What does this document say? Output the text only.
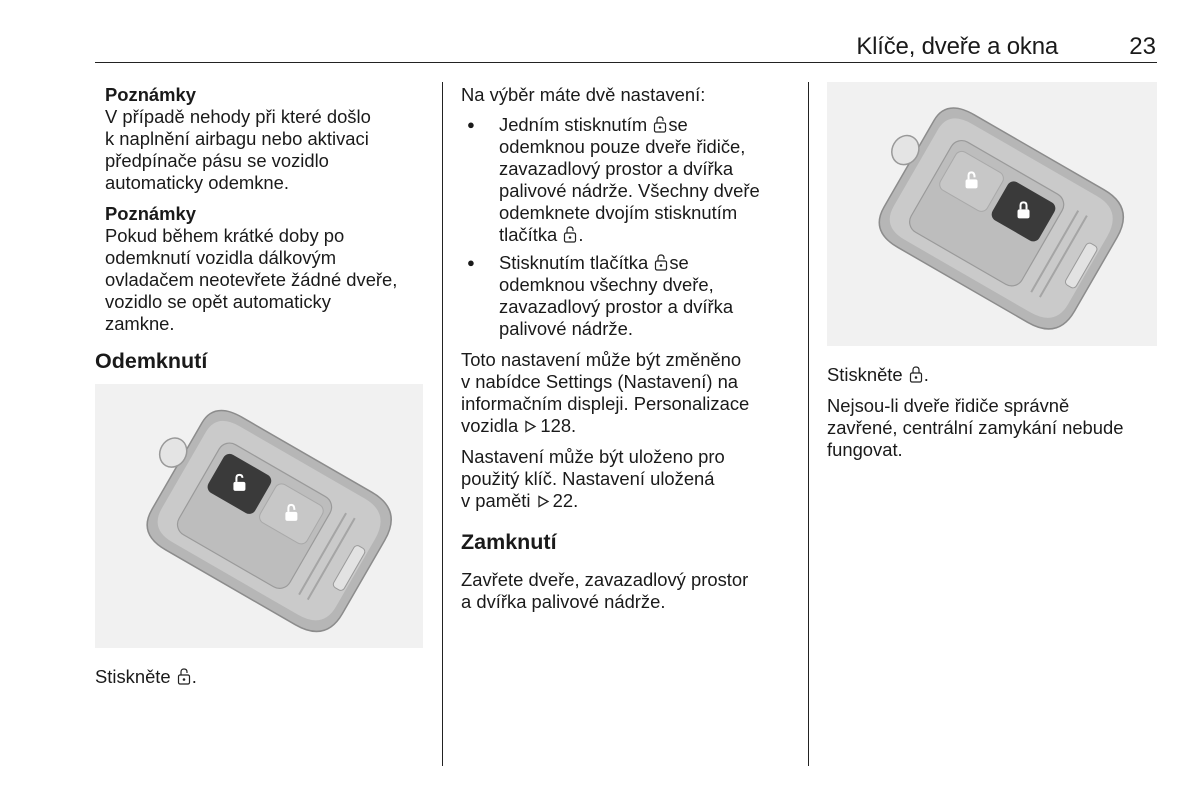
Klíče, dveře a okna	23

Poznámky

V případě nehody při které došlo

k naplnění airbagu nebo aktivaci

předpínače pásu se vozidlo

automaticky odemkne.

Poznámky

Pokud během krátké doby po

odemknutí vozidla dálkovým

ovladačem neotevřete žádné dveře,

vozidlo se opět automaticky

zamkne.

Odemknutí
Stiskněte .

Na výběr máte dvě nastavení:

● Jedním stisknutím se

odemknou pouze dveře řidiče,

zavazadlový prostor a dvířka

palivové nádrže. Všechny dveře

odemknete dvojím stisknutím

tlačítka .

● Stisknutím tlačítka se

odemknou všechny dveře,

zavazadlový prostor a dvířka

palivové nádrže.

Toto nastavení může být změněno

v nabídce Settings (Nastavení) na

informačním displeji. Personalizace

vozidla 128.

Nastavení může být uloženo pro

použitý klíč. Nastavení uložená

v paměti 22.

Zamknutí

Zavřete dveře, zavazadlový prostor

a dvířka palivové nádrže.

Stiskněte .

Nejsou-li dveře řidiče správně

zavřené, centrální zamykání nebude

fungovat.
